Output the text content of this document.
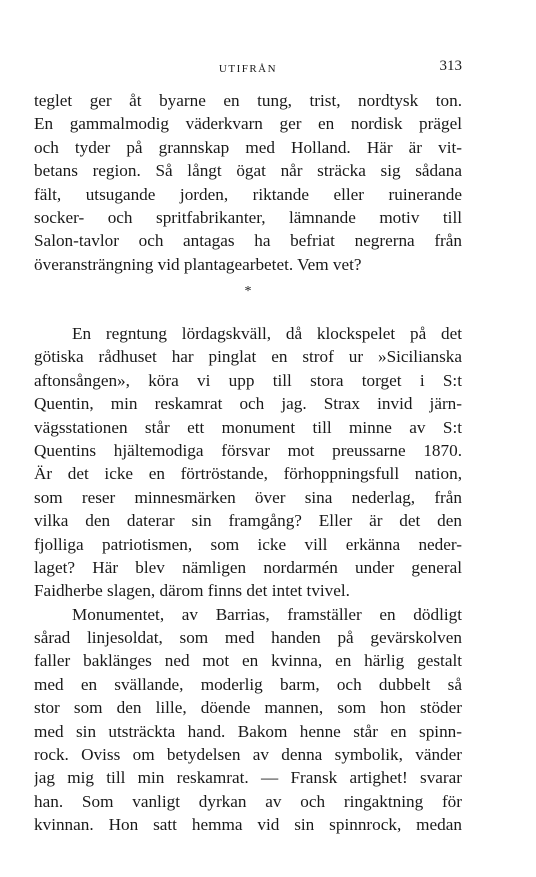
UTIFRÅN	313
teglet ger åt byarne en tung, trist, nordtysk ton.
En gammalmodig väderkvarn ger en nordisk prägel
och tyder på grannskap med Holland. Här är vit-
betans region. Så långt ögat når sträcka sig sådana
fält, utsugande jorden, riktande eller ruinerande
socker- och spritfabrikanter, lämnande motiv till
Salon-tavlor och antagas ha befriat negrerna från
överansträngning vid plantagearbetet. Vem vet?
*
En regntung lördagskväll, då klockspelet på det
götiska rådhuset har pinglat en strof ur »Sicilianska
aftonsången», köra vi upp till stora torget i S:t
Quentin, min reskamrat och jag. Strax invid järn-
vägsstationen står ett monument till minne av S:t
Quentins hjältemodiga försvar mot preussarne 1870.
Är det icke en förtröstande, förhoppningsfull nation,
som reser minnesmärken över sina nederlag, från
vilka den daterar sin framgång? Eller är det den
fjolliga patriotismen, som icke vill erkänna neder-
laget? Här blev nämligen nordarmén under general
Faidherbe slagen, därom finns det intet tvivel.
Monumentet, av Barrias, framställer en dödligt
sårad linjesoldat, som med handen på gevärskolven
faller baklänges ned mot en kvinna, en härlig gestalt
med en svällande, moderlig barm, och dubbelt så
stor som den lille, döende mannen, som hon stöder
med sin utsträckta hand. Bakom henne står en spinn-
rock. Oviss om betydelsen av denna symbolik, vänder
jag mig till min reskamrat. — Fransk artighet! svarar
han. Som vanligt dyrkan av och ringaktning för
kvinnan. Hon satt hemma vid sin spinnrock, medan
